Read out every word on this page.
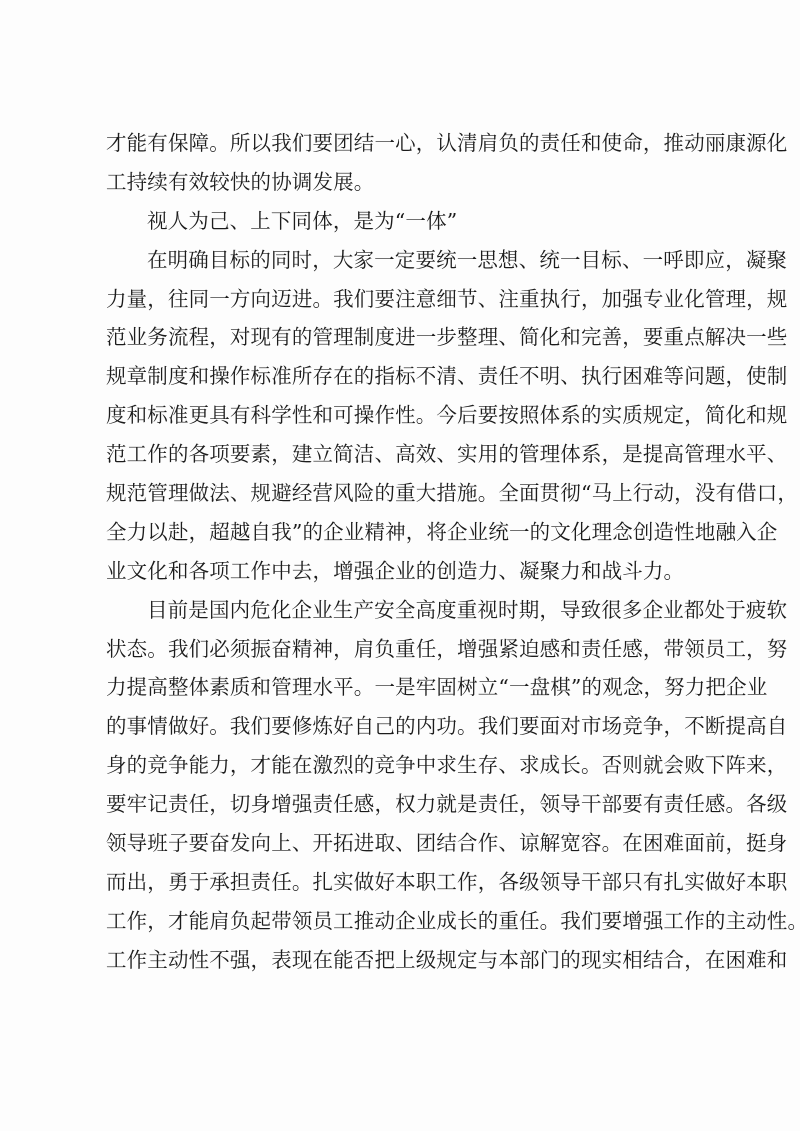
才能有保障。所以我们要团结一心，认清肩负的责任和使命，推动丽康源化
工持续有效较快的协调发展。
视人为己、上下同体，是为“一体”
在明确目标的同时，大家一定要统一思想、统一目标、一呼即应，凝聚
力量，往同一方向迈进。我们要注意细节、注重执行，加强专业化管理，规
范业务流程，对现有的管理制度进一步整理、简化和完善，要重点解决一些
规章制度和操作标准所存在的指标不清、责任不明、执行困难等问题，使制
度和标准更具有科学性和可操作性。今后要按照体系的实质规定，简化和规
范工作的各项要素，建立简洁、高效、实用的管理体系，是提高管理水平、
规范管理做法、规避经营风险的重大措施。全面贯彻“马上行动，没有借口，
全力以赴，超越自我”的企业精神，将企业统一的文化理念创造性地融入企
业文化和各项工作中去，增强企业的创造力、凝聚力和战斗力。
目前是国内危化企业生产安全高度重视时期，导致很多企业都处于疲软
状态。我们必须振奋精神，肩负重任，增强紧迫感和责任感，带领员工，努
力提高整体素质和管理水平。一是牢固树立“一盘棋”的观念，努力把企业
的事情做好。我们要修炼好自己的内功。我们要面对市场竞争，不断提高自
身的竞争能力，才能在激烈的竞争中求生存、求成长。否则就会败下阵来，
要牢记责任，切身增强责任感，权力就是责任，领导干部要有责任感。各级
领导班子要奋发向上、开拓进取、团结合作、谅解宽容。在困难面前，挺身
而出，勇于承担责任。扎实做好本职工作，各级领导干部只有扎实做好本职
工作，才能肩负起带领员工推动企业成长的重任。我们要增强工作的主动性。
工作主动性不强，表现在能否把上级规定与本部门的现实相结合，在困难和
